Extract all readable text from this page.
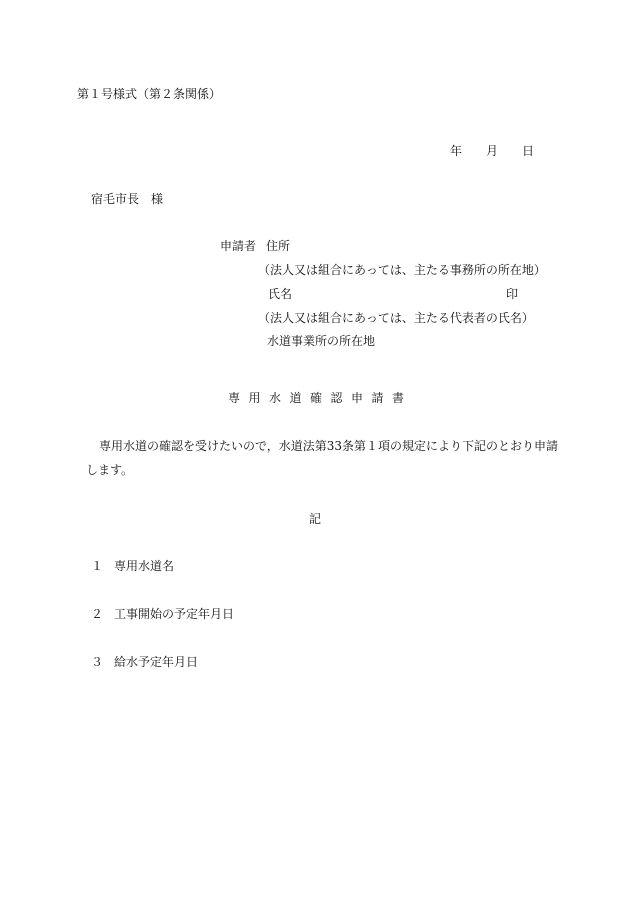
第１号様式（第２条関係）
年 月 日
宿毛市長　様
申請者 住所
（法人又は組合にあっては、主たる事務所の所在地）
氏名	印
（法人又は組合にあっては、主たる代表者の氏名）
水道事業所の所在地
専用水道確認申請書
専用水道の確認を受けたいので，水道法第33条第１項の規定により下記のとおり申請
します。
記
１ 専用水道名
２ 工事開始の予定年月日
３ 給水予定年月日
